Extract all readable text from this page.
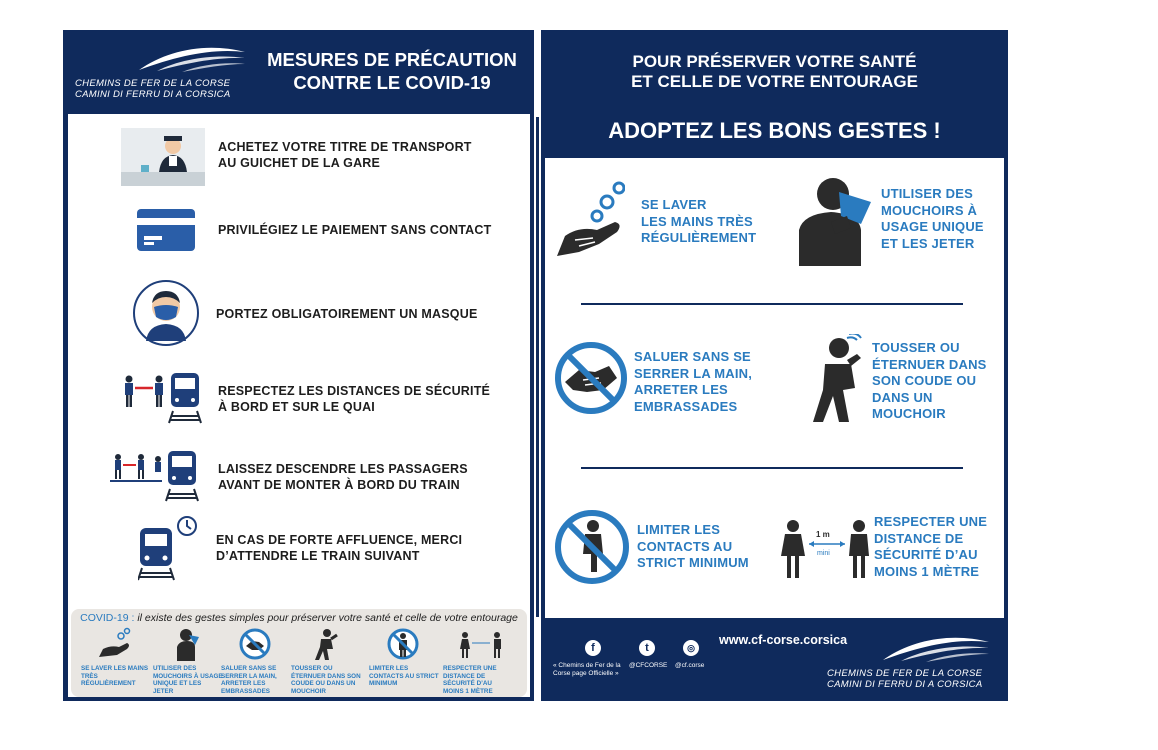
CHEMINS DE FER DE LA CORSE
CAMINI DI FERRU DI A CORSICA
MESURES DE PRÉCAUTION
CONTRE LE COVID-19
ACHETEZ VOTRE TITRE DE TRANSPORT
AU GUICHET DE LA GARE
PRIVILÉGIEZ LE PAIEMENT SANS CONTACT
PORTEZ OBLIGATOIREMENT UN MASQUE
RESPECTEZ LES DISTANCES DE SÉCURITÉ
À BORD ET SUR LE QUAI
LAISSEZ DESCENDRE LES PASSAGERS
AVANT DE MONTER À BORD DU TRAIN
EN CAS DE FORTE AFFLUENCE, MERCI
D’ATTENDRE LE TRAIN SUIVANT
COVID-19 : il existe des gestes simples pour préserver votre santé et celle de votre entourage
SE LAVER LES MAINS TRÈS RÉGULIÈREMENT
UTILISER DES MOUCHOIRS À USAGE UNIQUE ET LES JETER
SALUER SANS SE SERRER LA MAIN, ARRETER LES EMBRASSADES
TOUSSER OU ÉTERNUER DANS SON COUDE OU DANS UN MOUCHOIR
LIMITER LES CONTACTS AU STRICT MINIMUM
RESPECTER UNE DISTANCE DE SÉCURITÉ D’AU MOINS 1 MÈTRE
POUR PRÉSERVER VOTRE SANTÉ
ET CELLE DE VOTRE ENTOURAGE
ADOPTEZ LES BONS GESTES !
SE LAVER
LES MAINS TRÈS
RÉGULIÈREMENT
UTILISER DES
MOUCHOIRS À
USAGE UNIQUE
ET LES JETER
SALUER SANS SE
SERRER LA MAIN,
ARRETER LES
EMBRASSADES
TOUSSER OU
ÉTERNUER DANS
SON COUDE OU
DANS UN
MOUCHOIR
LIMITER LES
CONTACTS AU
STRICT MINIMUM
1 m
mini
RESPECTER UNE
DISTANCE DE
SÉCURITÉ D’AU
MOINS 1 MÈTRE
f	t	◎
« Chemins de Fer de la Corse page Officielle »
@CFCORSE @cf.corse
www.cf-corse.corsica
CHEMINS DE FER DE LA CORSE
CAMINI DI FERRU DI A CORSICA
